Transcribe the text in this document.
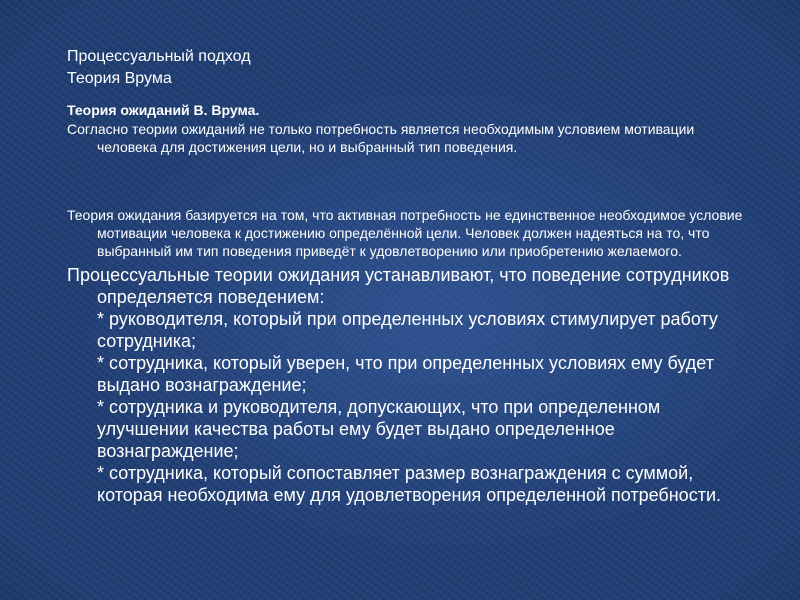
Процессуальный подход
Теория Врума
Теория ожиданий В. Врума.
Согласно теории ожиданий не только потребность является необходимым условием мотивации человека для достижения цели, но и выбранный тип поведения.
Теория ожидания базируется на том, что активная потребность не единственное необходимое условие мотивации человека к достижению определённой цели. Человек должен надеяться на то, что выбранный им тип поведения приведёт к удовлетворению или приобретению желаемого.
Процессуальные теории ожидания устанавливают, что поведение сотрудников определяется поведением:
* руководителя, который при определенных условиях стимулирует работу сотрудника;
* сотрудника, который уверен, что при определенных условиях ему будет выдано вознаграждение;
* сотрудника и руководителя, допускающих, что при определенном улучшении качества работы ему будет выдано определенное вознаграждение;
* сотрудника, который сопоставляет размер вознаграждения с суммой, которая необходима ему для удовлетворения определенной потребности.
